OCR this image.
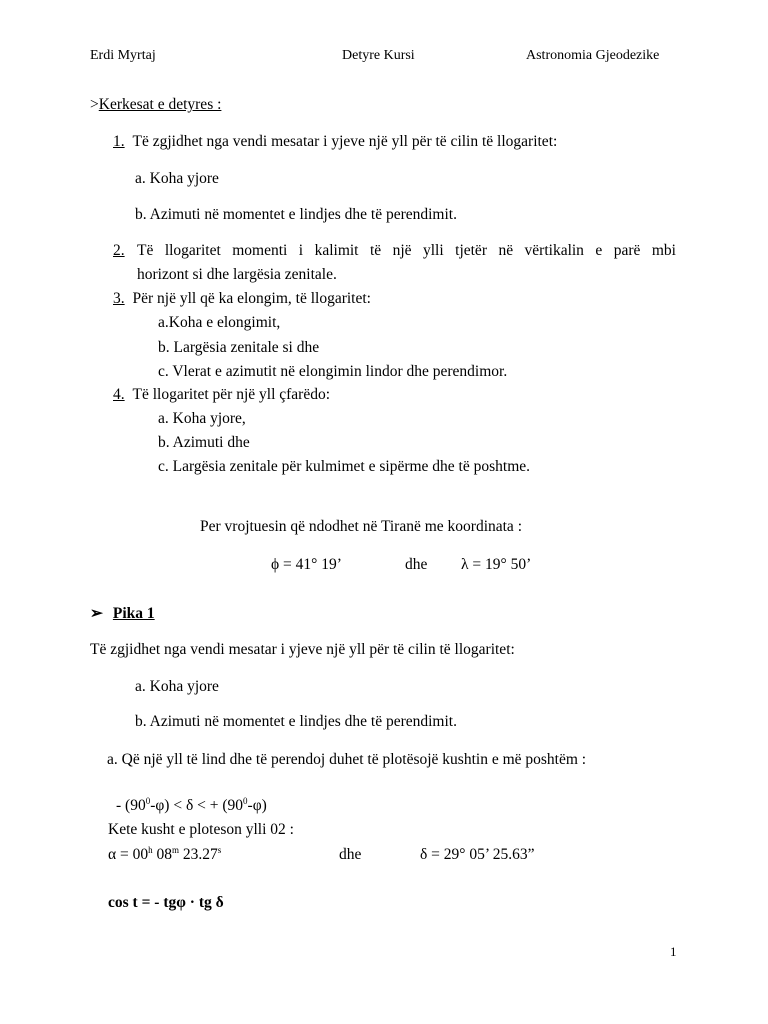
Erdi Myrtaj	Detyre Kursi	Astronomia Gjeodezike
>Kerkesat e detyres :
1. Të zgjidhet nga vendi mesatar i yjeve një yll për të cilin të llogaritet:
a. Koha yjore
b. Azimuti në momentet e lindjes dhe të perendimit.
2. Të llogaritet momenti i kalimit të një ylli tjetër në vërtikalin e parë mbi
horizont si dhe largësia zenitale.
3. Për një yll që ka elongim, të llogaritet:
a.Koha e elongimit,
b. Largësia zenitale si dhe
c. Vlerat e azimutit në elongimin lindor dhe perendimor.
4. Të llogaritet për një yll çfarëdo:
a. Koha yjore,
b. Azimuti dhe
c. Largësia zenitale për kulmimet e sipërme dhe të poshtme.
Per vrojtuesin që ndodhet në Tiranë me koordinata :
ϕ = 41° 19’	dhe λ = 19° 50’
➢ Pika 1
Të zgjidhet nga vendi mesatar i yjeve një yll për të cilin të llogaritet:
a. Koha yjore
b. Azimuti në momentet e lindjes dhe të perendimit.
a. Që një yll të lind dhe të perendoj duhet të plotësojë kushtin e më poshtëm :
- $(90^0-\varphi) < \delta$ < + $(90^0-\varphi)$
Kete kusht e ploteson ylli 02 :
$\alpha = 00^h$ 08$^m$ 23.27$^s$	dhe	δ = 29° 05’ 25.63”
cos t = - tgφ · tg δ
1
